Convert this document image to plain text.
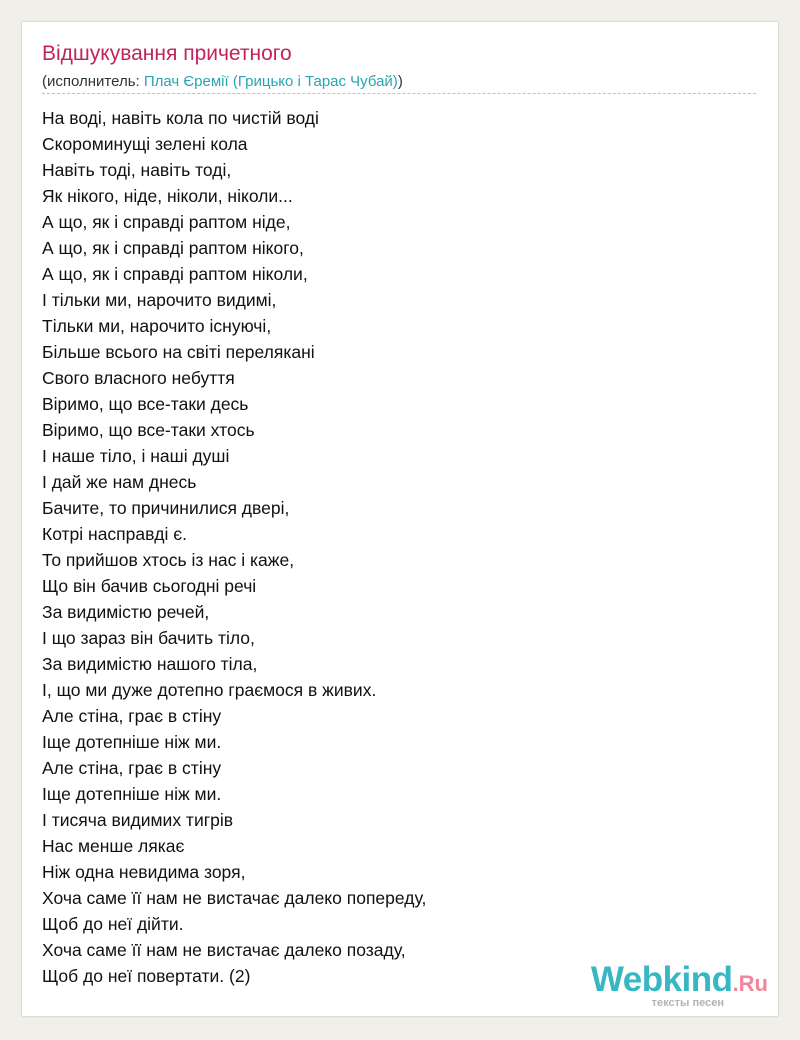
Відшукування причетного
(исполнитель: Плач Єремії (Грицько і Тарас Чубай))
На воді, навіть кола по чистій воді
Скороминущі зелені кола
Навіть тоді, навіть тоді,
Як нікого, ніде, ніколи, ніколи...
А що, як і справді раптом ніде,
А що, як і справді раптом нікого,
А що, як і справді раптом ніколи,
І тільки ми, нарочито видимі,
Тільки ми, нарочито існуючі,
Більше всього на світі перелякані
Свого власного небуття
Віримо, що все-таки десь
Віримо, що все-таки хтось
І наше тіло, і наші душі
І дай же нам днесь
Бачите, то причинилися двері,
Котрі насправді є.
То прийшов хтось із нас і каже,
Що він бачив сьогодні речі
За видимістю речей,
І що зараз він бачить тіло,
За видимістю нашого тіла,
І, що ми дуже дотепно граємося в живих.
Але стіна, грає в стіну
Іще дотепніше ніж ми.
Але стіна, грає в стіну
Іще дотепніше ніж ми.
І тисяча видимих тигрів
Нас менше лякає
Ніж одна невидима зоря,
Хоча саме її нам не вистачає далеко попереду,
Щоб до неї дійти.
Хоча саме її нам не вистачає далеко позаду,
Щоб до неї повертати. (2)	Webkind.Ru
тексты песен
